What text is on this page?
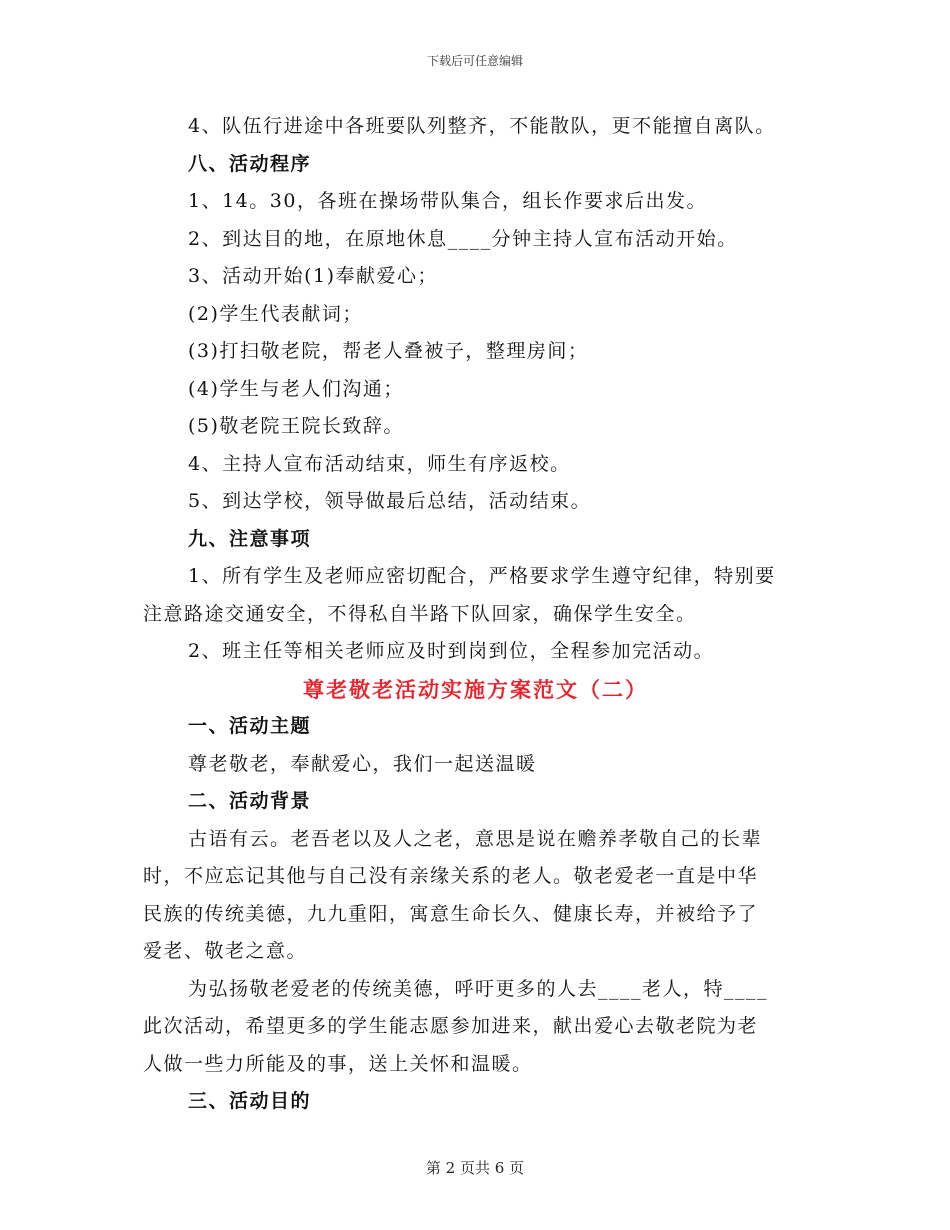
下载后可任意编辑
4、队伍行进途中各班要队列整齐，不能散队，更不能擅自离队。
八、活动程序
1、14。30，各班在操场带队集合，组长作要求后出发。
2、到达目的地，在原地休息____分钟主持人宣布活动开始。
3、活动开始(1)奉献爱心；
(2)学生代表献词；
(3)打扫敬老院，帮老人叠被子，整理房间；
(4)学生与老人们沟通；
(5)敬老院王院长致辞。
4、主持人宣布活动结束，师生有序返校。
5、到达学校，领导做最后总结，活动结束。
九、注意事项
1、所有学生及老师应密切配合，严格要求学生遵守纪律，特别要
注意路途交通安全，不得私自半路下队回家，确保学生安全。
2、班主任等相关老师应及时到岗到位，全程参加完活动。
尊老敬老活动实施方案范文（二）
一、活动主题
尊老敬老，奉献爱心，我们一起送温暖
二、活动背景
古语有云。老吾老以及人之老，意思是说在赡养孝敬自己的长辈
时，不应忘记其他与自己没有亲缘关系的老人。敬老爱老一直是中华
民族的传统美德，九九重阳，寓意生命长久、健康长寿，并被给予了
爱老、敬老之意。
为弘扬敬老爱老的传统美德，呼吁更多的人去____老人，特____
此次活动，希望更多的学生能志愿参加进来，献出爱心去敬老院为老
人做一些力所能及的事，送上关怀和温暖。
三、活动目的
第 2 页共 6 页
